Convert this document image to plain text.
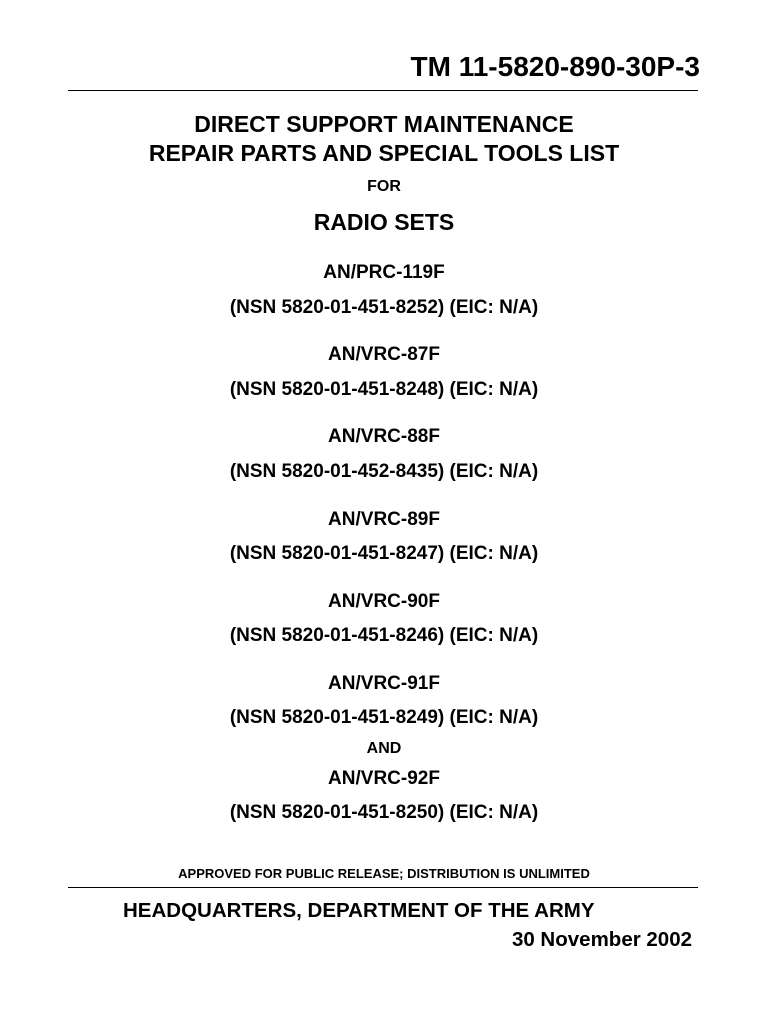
TM 11-5820-890-30P-3
DIRECT SUPPORT MAINTENANCE
REPAIR PARTS AND SPECIAL TOOLS LIST
FOR
RADIO SETS
AN/PRC-119F
(NSN 5820-01-451-8252) (EIC: N/A)
AN/VRC-87F
(NSN 5820-01-451-8248) (EIC: N/A)
AN/VRC-88F
(NSN 5820-01-452-8435) (EIC: N/A)
AN/VRC-89F
(NSN 5820-01-451-8247) (EIC: N/A)
AN/VRC-90F
(NSN 5820-01-451-8246) (EIC: N/A)
AN/VRC-91F
(NSN 5820-01-451-8249) (EIC: N/A)
AND
AN/VRC-92F
(NSN 5820-01-451-8250) (EIC: N/A)
APPROVED FOR PUBLIC RELEASE; DISTRIBUTION IS UNLIMITED
HEADQUARTERS, DEPARTMENT OF THE ARMY
30 November 2002
